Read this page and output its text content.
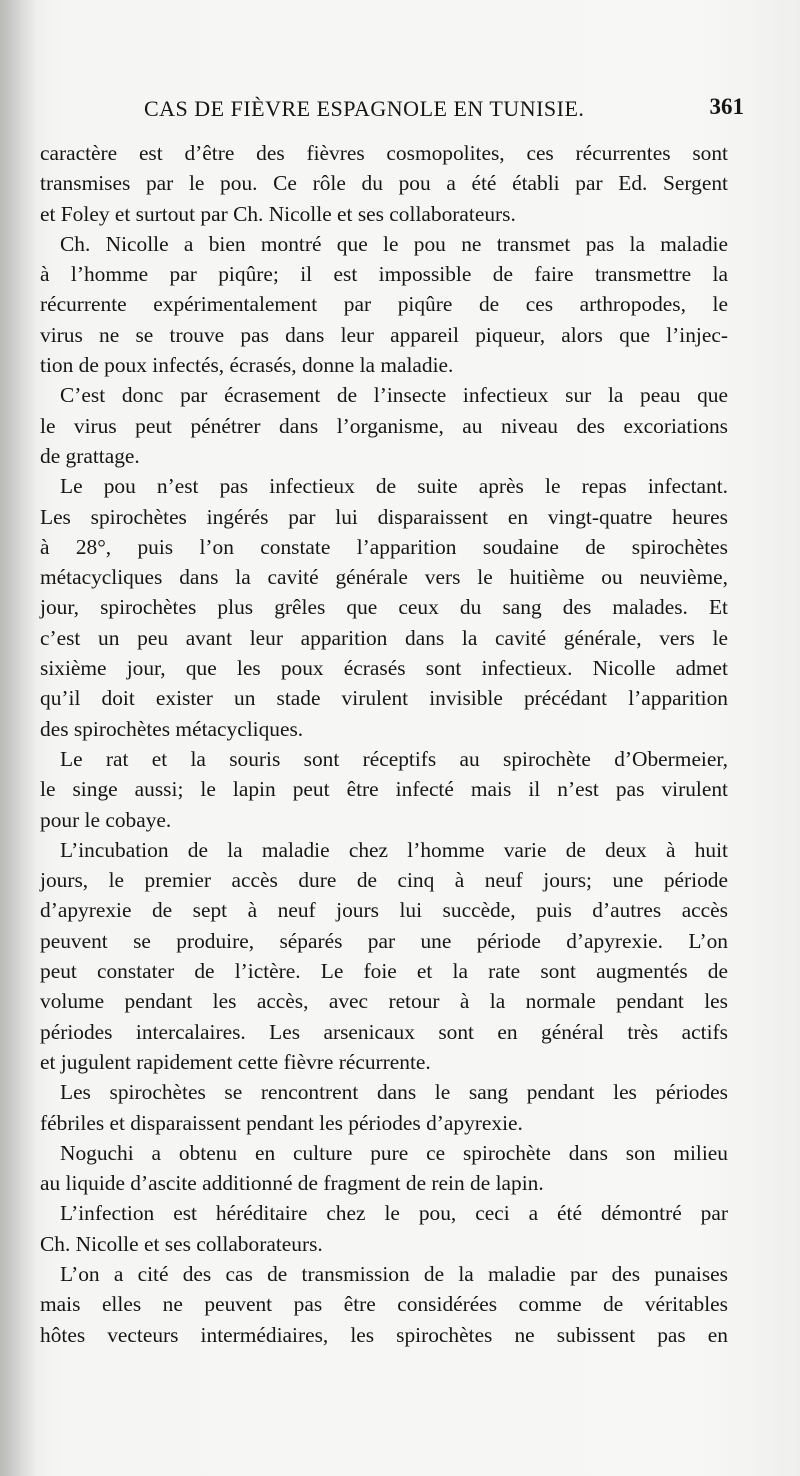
CAS DE FIÈVRE ESPAGNOLE EN TUNISIE.	361

caractère est d’être des fièvres cosmopolites, ces récurrentes sont

transmises par le pou. Ce rôle du pou a été établi par Ed. Sergent

et Foley et surtout par Ch. Nicolle et ses collaborateurs.

Ch. Nicolle a bien montré que le pou ne transmet pas la maladie

à l’homme par piqûre; il est impossible de faire transmettre la

récurrente expérimentalement par piqûre de ces arthropodes, le

virus ne se trouve pas dans leur appareil piqueur, alors que l’injec-

tion de poux infectés, écrasés, donne la maladie.

C’est donc par écrasement de l’insecte infectieux sur la peau que

le virus peut pénétrer dans l’organisme, au niveau des excoriations

de grattage.

Le pou n’est pas infectieux de suite après le repas infectant.

Les spirochètes ingérés par lui disparaissent en vingt-quatre heures

à 28°, puis l’on constate l’apparition soudaine de spirochètes

métacycliques dans la cavité générale vers le huitième ou neuvième,

jour, spirochètes plus grêles que ceux du sang des malades. Et

c’est un peu avant leur apparition dans la cavité générale, vers le

sixième jour, que les poux écrasés sont infectieux. Nicolle admet

qu’il doit exister un stade virulent invisible précédant l’apparition

des spirochètes métacycliques.

Le rat et la souris sont réceptifs au spirochète d’Obermeier,

le singe aussi; le lapin peut être infecté mais il n’est pas virulent

pour le cobaye.

L’incubation de la maladie chez l’homme varie de deux à huit

jours, le premier accès dure de cinq à neuf jours; une période

d’apyrexie de sept à neuf jours lui succède, puis d’autres accès

peuvent se produire, séparés par une période d’apyrexie. L’on

peut constater de l’ictère. Le foie et la rate sont augmentés de

volume pendant les accès, avec retour à la normale pendant les

périodes intercalaires. Les arsenicaux sont en général très actifs

et jugulent rapidement cette fièvre récurrente.

Les spirochètes se rencontrent dans le sang pendant les périodes

fébriles et disparaissent pendant les périodes d’apyrexie.

Noguchi a obtenu en culture pure ce spirochète dans son milieu

au liquide d’ascite additionné de fragment de rein de lapin.

L’infection est héréditaire chez le pou, ceci a été démontré par

Ch. Nicolle et ses collaborateurs.

L’on a cité des cas de transmission de la maladie par des punaises

mais elles ne peuvent pas être considérées comme de véritables

hôtes vecteurs intermédiaires, les spirochètes ne subissent pas en
